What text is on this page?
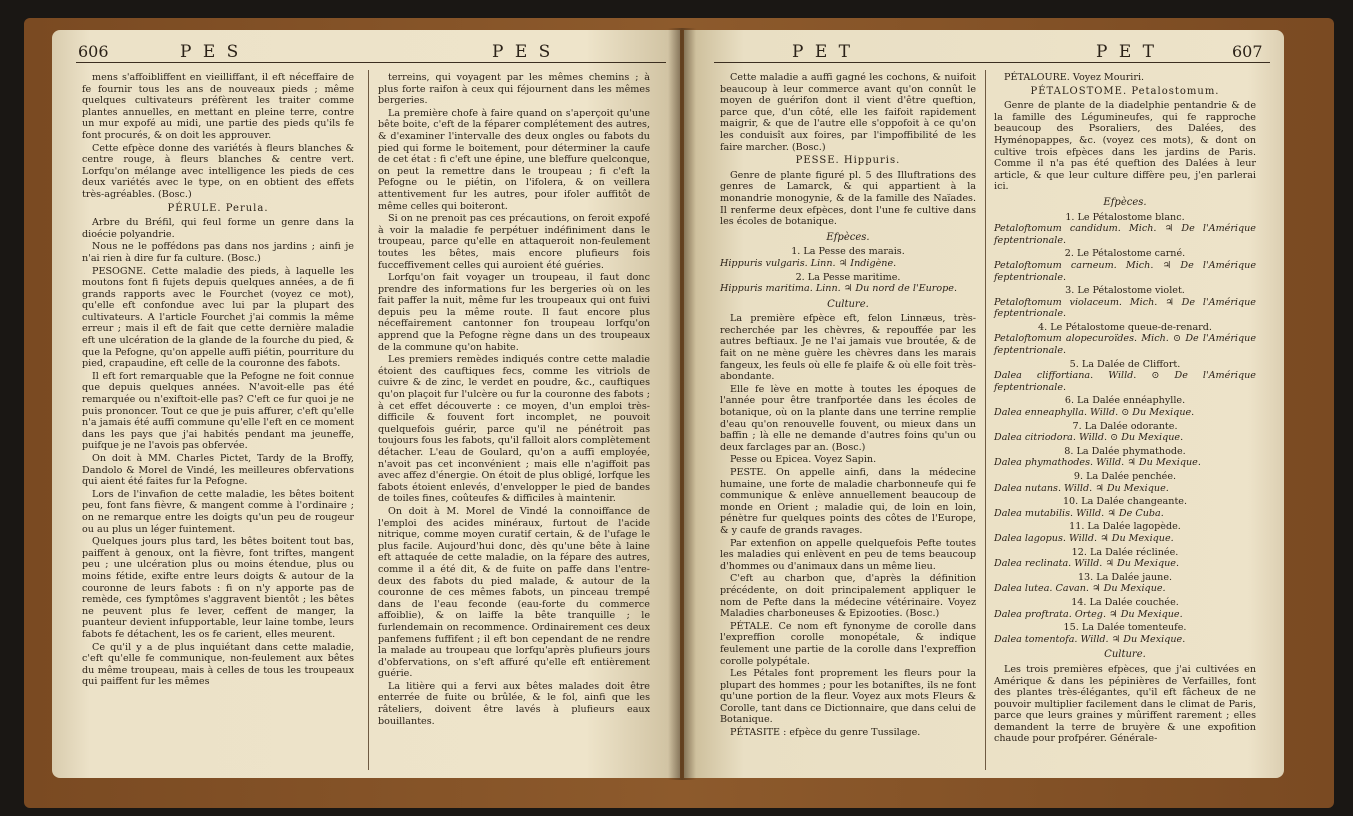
606	P E S	P E S

mens s'affoibliffent en vieilliffant, il eft néceffaire de fe fournir tous les ans de nouveaux pieds ; même quelques cultivateurs préfèrent les traiter comme plantes annuelles, en mettant en pleine terre, contre un mur expofé au midi, une partie des pieds qu'ils fe font procurés, & on doit les approuver.

Cette efpèce donne des variétés à fleurs blanches & centre rouge, à fleurs blanches & centre vert. Lorfqu'on mélange avec intelligence les pieds de ces deux variétés avec le type, on en obtient des effets très-agréables. (Bosc.)

PÉRULE. Perula.

Arbre du Bréfil, qui feul forme un genre dans la dioécie polyandrie.

Nous ne le poffédons pas dans nos jardins ; ainfi je n'ai rien à dire fur fa culture. (Bosc.)

PESOGNE. Cette maladie des pieds, à laquelle les moutons font fi fujets depuis quelques années, a de fi grands rapports avec le Fourchet (voyez ce mot), qu'elle eft confondue avec lui par la plupart des cultivateurs. A l'article Fourchet j'ai commis la même erreur ; mais il eft de fait que cette dernière maladie eft une ulcération de la glande de la fourche du pied, & que la Pefogne, qu'on appelle auffi piétin, pourriture du pied, crapaudine, eft celle de la couronne des fabots.

Il eft fort remarquable que la Pefogne ne foit connue que depuis quelques années. N'avoit-elle pas été remarquée ou n'exiftoit-elle pas? C'eft ce fur quoi je ne puis prononcer. Tout ce que je puis affurer, c'eft qu'elle n'a jamais été auffi commune qu'elle l'eft en ce moment dans les pays que j'ai habités pendant ma jeuneffe, puifque je ne l'avois pas obfervée.

On doit à MM. Charles Pictet, Tardy de la Broffy, Dandolo & Morel de Vindé, les meilleures obfervations qui aient été faites fur la Pefogne.

Lors de l'invafion de cette maladie, les bêtes boitent peu, font fans fièvre, & mangent comme à l'ordinaire ; on ne remarque entre les doigts qu'un peu de rougeur ou au plus un léger fuintement.

Quelques jours plus tard, les bêtes boitent tout bas, paiffent à genoux, ont la fièvre, font triftes, mangent peu ; une ulcération plus ou moins étendue, plus ou moins fétide, exifte entre leurs doigts & autour de la couronne de leurs fabots : fi on n'y apporte pas de remède, ces fymptômes s'aggravent bientôt ; les bêtes ne peuvent plus fe lever, ceffent de manger, la puanteur devient infupportable, leur laine tombe, leurs fabots fe détachent, les os fe carient, elles meurent.

Ce qu'il y a de plus inquiétant dans cette maladie, c'eft qu'elle fe communique, non-feulement aux bêtes du même troupeau, mais à celles de tous les troupeaux qui paiffent fur les mêmes

terreins, qui voyagent par les mêmes chemins ; à plus forte raifon à ceux qui féjournent dans les mêmes bergeries.

La première chofe à faire quand on s'aperçoit qu'une bête boite, c'eft de la féparer complétement des autres, & d'examiner l'intervalle des deux ongles ou fabots du pied qui forme le boitement, pour déterminer la caufe de cet état : fi c'eft une épine, une bleffure quelconque, on peut la remettre dans le troupeau ; fi c'eft la Pefogne ou le piétin, on l'ifolera, & on veillera attentivement fur les autres, pour ifoler auffitôt de même celles qui boiteront.

Si on ne prenoit pas ces précautions, on feroit expofé à voir la maladie fe perpétuer indéfiniment dans le troupeau, parce qu'elle en attaqueroit non-feulement toutes les bêtes, mais encore plufieurs fois fucceffivement celles qui auroient été guéries.

Lorfqu'on fait voyager un troupeau, il faut donc prendre des informations fur les bergeries où on les fait paffer la nuit, même fur les troupeaux qui ont fuivi depuis peu la même route. Il faut encore plus néceffairement cantonner fon troupeau lorfqu'on apprend que la Pefogne règne dans un des troupeaux de la commune qu'on habite.

Les premiers remèdes indiqués contre cette maladie étoient des cauftiques fecs, comme les vitriols de cuivre & de zinc, le verdet en poudre, &c., cauftiques qu'on plaçoit fur l'ulcère ou fur la couronne des fabots ; à cet effet découverte : ce moyen, d'un emploi très-difficile & fouvent fort incomplet, ne pouvoit quelquefois guérir, parce qu'il ne pénétroit pas toujours fous les fabots, qu'il falloit alors complètement détacher. L'eau de Goulard, qu'on a auffi employée, n'avoit pas cet inconvénient ; mais elle n'agiffoit pas avec affez d'énergie. On étoit de plus obligé, lorfque les fabots étoient enlevés, d'envelopper le pied de bandes de toiles fines, coûteufes & difficiles à maintenir.

On doit à M. Morel de Vindé la connoiffance de l'emploi des acides minéraux, furtout de l'acide nitrique, comme moyen curatif certain, & de l'ufage le plus facile. Aujourd'hui donc, dès qu'une bête à laine eft attaquée de cette maladie, on la fépare des autres, comme il a été dit, & de fuite on paffe dans l'entre-deux des fabots du pied malade, & autour de la couronne de ces mêmes fabots, un pinceau trempé dans de l'eau feconde (eau-forte du commerce affoiblie), & on laiffe la bête tranquille ; le furlendemain on recommence. Ordinairement ces deux panfemens fuffifent ; il eft bon cependant de ne rendre la malade au troupeau que lorfqu'après plufieurs jours d'obfervations, on s'eft affuré qu'elle eft entièrement guérie.

La litière qui a fervi aux bêtes malades doit être enterrée de fuite ou brûlée, & le fol, ainfi que les râteliers, doivent être lavés à plufieurs eaux bouillantes.

P E T	P E T	607

Cette maladie a auffi gagné les cochons, & nuifoit beaucoup à leur commerce avant qu'on connût le moyen de guérifon dont il vient d'être queftion, parce que, d'un côté, elle les faifoit rapidement maigrir, & que de l'autre elle s'oppofoit à ce qu'on les conduisît aux foires, par l'impoffibilité de les faire marcher. (Bosc.)

PESSE. Hippuris.

Genre de plante figuré pl. 5 des Illuftrations des genres de Lamarck, & qui appartient à la monandrie monogynie, & de la famille des Naïades. Il renferme deux efpèces, dont l'une fe cultive dans les écoles de botanique.

Efpèces.

1. La Pesse des marais.

Hippuris vulgaris. Linn. ♃ Indigène.

2. La Pesse maritime.

Hippuris maritima. Linn. ♃ Du nord de l'Europe.

Culture.

La première efpèce eft, felon Linnæus, très-recherchée par les chèvres, & repouffée par les autres beftiaux. Je ne l'ai jamais vue broutée, & de fait on ne mène guère les chèvres dans les marais fangeux, les feuls où elle fe plaife & où elle foit très-abondante.

Elle fe lève en motte à toutes les époques de l'année pour être tranfportée dans les écoles de botanique, où on la plante dans une terrine remplie d'eau qu'on renouvelle fouvent, ou mieux dans un baffin ; là elle ne demande d'autres foins qu'un ou deux farclages par an. (Bosc.)

Pesse ou Epicea. Voyez Sapin.

PESTE. On appelle ainfi, dans la médecine humaine, une forte de maladie charbonneufe qui fe communique & enlève annuellement beaucoup de monde en Orient ; maladie qui, de loin en loin, pénètre fur quelques points des côtes de l'Europe, & y caufe de grands ravages.

Par extenfion on appelle quelquefois Pefte toutes les maladies qui enlèvent en peu de tems beaucoup d'hommes ou d'animaux dans un même lieu.

C'eft au charbon que, d'après la définition précédente, on doit principalement appliquer le nom de Pefte dans la médecine vétérinaire. Voyez Maladies charboneuses & Epizooties. (Bosc.)

PÉTALE. Ce nom eft fynonyme de corolle dans l'expreffion corolle monopétale, & indique feulement une partie de la corolle dans l'expreffion corolle polypétale.

Les Pétales font proprement les fleurs pour la plupart des hommes ; pour les botaniftes, ils ne font qu'une portion de la fleur. Voyez aux mots Fleurs & Corolle, tant dans ce Dictionnaire, que dans celui de Botanique.

PÉTASITE : efpèce du genre Tussilage.

PÉTALOURE. Voyez Mouriri.

PÉTALOSTOME. Petalostomum.

Genre de plante de la diadelphie pentandrie & de la famille des Légumineufes, qui fe rapproche beaucoup des Psoraliers, des Dalées, des Hyménopappes, &c. (voyez ces mots), & dont on cultive trois efpèces dans les jardins de Paris. Comme il n'a pas été queftion des Dalées à leur article, & que leur culture diffère peu, j'en parlerai ici.

Efpèces.

1. Le Pétalostome blanc.

Petaloftomum candidum. Mich. ♃ De l'Amérique feptentrionale.

2. Le Pétalostome carné.

Petaloftomum carneum. Mich. ♃ De l'Amérique feptentrionale.

3. Le Pétalostome violet.

Petaloftomum violaceum. Mich. ♃ De l'Amérique feptentrionale.

4. Le Pétalostome queue-de-renard.

Petaloftomum alopecuroïdes. Mich. ⊙ De l'Amérique feptentrionale.

5. La Dalée de Cliffort.

Dalea cliffortiana. Willd. ⊙ De l'Amérique feptentrionale.

6. La Dalée ennéaphylle.

Dalea enneaphylla. Willd. ⊙ Du Mexique.

7. La Dalée odorante.

Dalea citriodora. Willd. ⊙ Du Mexique.

8. La Dalée phymathode.

Dalea phymathodes. Willd. ♃ Du Mexique.

9. La Dalée penchée.

Dalea nutans. Willd. ♃ Du Mexique.

10. La Dalée changeante.

Dalea mutabilis. Willd. ♃ De Cuba.

11. La Dalée lagopède.

Dalea lagopus. Willd. ♃ Du Mexique.

12. La Dalée réclinée.

Dalea reclinata. Willd. ♃ Du Mexique.

13. La Dalée jaune.

Dalea lutea. Cavan. ♃ Du Mexique.

14. La Dalée couchée.

Dalea proftrata. Orteg. ♃ Du Mexique.

15. La Dalée tomenteufe.

Dalea tomentofa. Willd. ♃ Du Mexique.

Culture.

Les trois premières efpèces, que j'ai cultivées en Amérique & dans les pépinières de Verfailles, font des plantes très-élégantes, qu'il eft fâcheux de ne pouvoir multiplier facilement dans le climat de Paris, parce que leurs graines y mûriffent rarement ; elles demandent la terre de bruyère & une expofition chaude pour profpérer. Générale-
